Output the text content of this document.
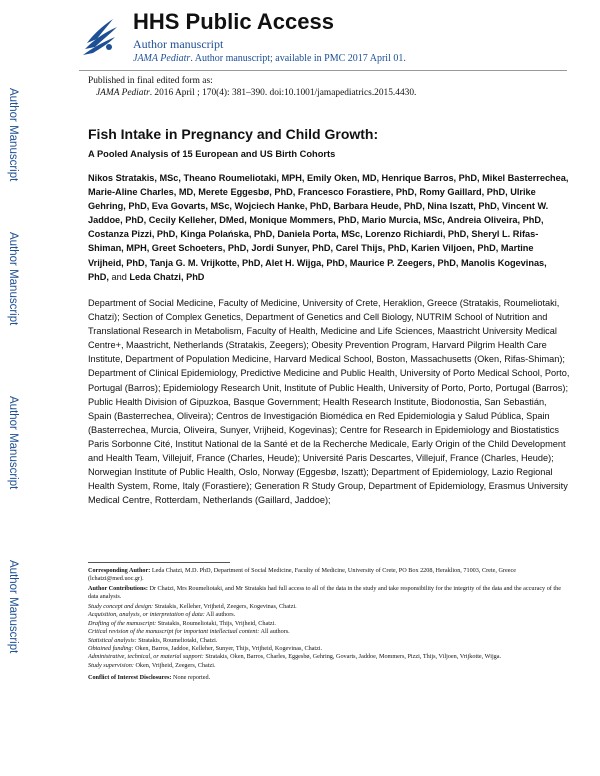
Author Manuscript
Author Manuscript
Author Manuscript
Author Manuscript
HHS Public Access
Author manuscript
JAMA Pediatr. Author manuscript; available in PMC 2017 April 01.
Published in final edited form as:
JAMA Pediatr. 2016 April ; 170(4): 381–390. doi:10.1001/jamapediatrics.2015.4430.
Fish Intake in Pregnancy and Child Growth:
A Pooled Analysis of 15 European and US Birth Cohorts
Nikos Stratakis, MSc, Theano Roumeliotaki, MPH, Emily Oken, MD, Henrique Barros, PhD, Mikel Basterrechea, Marie-Aline Charles, MD, Merete Eggesbø, PhD, Francesco Forastiere, PhD, Romy Gaillard, PhD, Ulrike Gehring, PhD, Eva Govarts, MSc, Wojciech Hanke, PhD, Barbara Heude, PhD, Nina Iszatt, PhD, Vincent W. Jaddoe, PhD, Cecily Kelleher, DMed, Monique Mommers, PhD, Mario Murcia, MSc, Andreia Oliveira, PhD, Costanza Pizzi, PhD, Kinga Polańska, PhD, Daniela Porta, MSc, Lorenzo Richiardi, PhD, Sheryl L. Rifas-Shiman, MPH, Greet Schoeters, PhD, Jordi Sunyer, PhD, Carel Thijs, PhD, Karien Viljoen, PhD, Martine Vrijheid, PhD, Tanja G. M. Vrijkotte, PhD, Alet H. Wijga, PhD, Maurice P. Zeegers, PhD, Manolis Kogevinas, PhD, and Leda Chatzi, PhD
Department of Social Medicine, Faculty of Medicine, University of Crete, Heraklion, Greece (Stratakis, Roumeliotaki, Chatzi); Section of Complex Genetics, Department of Genetics and Cell Biology, NUTRIM School of Nutrition and Translational Research in Metabolism, Faculty of Health, Medicine and Life Sciences, Maastricht University Medical Centre+, Maastricht, Netherlands (Stratakis, Zeegers); Obesity Prevention Program, Harvard Pilgrim Health Care Institute, Department of Population Medicine, Harvard Medical School, Boston, Massachusetts (Oken, Rifas-Shiman); Department of Clinical Epidemiology, Predictive Medicine and Public Health, University of Porto Medical School, Porto, Portugal (Barros); Epidemiology Research Unit, Institute of Public Health, University of Porto, Porto, Portugal (Barros); Public Health Division of Gipuzkoa, Basque Government; Health Research Institute, Biodonostia, San Sebastián, Spain (Basterrechea, Oliveira); Centros de Investigación Biomédica en Red Epidemiologia y Salud Pública, Spain (Basterrechea, Murcia, Oliveira, Sunyer, Vrijheid, Kogevinas); Centre for Research in Epidemiology and Biostatistics Paris Sorbonne Cité, Institut National de la Santé et de la Recherche Medicale, Early Origin of the Child Development and Health Team, Villejuif, France (Charles, Heude); Université Paris Descartes, Villejuif, France (Charles, Heude); Norwegian Institute of Public Health, Oslo, Norway (Eggesbø, Iszatt); Department of Epidemiology, Lazio Regional Health System, Rome, Italy (Forastiere); Generation R Study Group, Department of Epidemiology, Erasmus University Medical Centre, Rotterdam, Netherlands (Gaillard, Jaddoe);

Corresponding Author: Leda Chatzi, M.D. PhD, Department of Social Medicine, Faculty of Medicine, University of Crete, PO Box 2208, Heraklion, 71003, Crete, Greece (lchatzi@med.uoc.gr).

Author Contributions: Dr Chatzi, Mrs Roumeliotaki, and Mr Stratakis had full access to all of the data in the study and take responsibility for the integrity of the data and the accuracy of the data analysis.

Study concept and design: Stratakis, Kelleher, Vrijheid, Zeegers, Kogevinas, Chatzi.

Acquisition, analysis, or interpretation of data: All authors.

Drafting of the manuscript: Stratakis, Roumeliotaki, Thijs, Vrijheid, Chatzi.

Critical revision of the manuscript for important intellectual content: All authors.

Statistical analysis: Stratakis, Roumeliotaki, Chatzi.

Obtained funding: Oken, Barros, Jaddoe, Kelleher, Sunyer, Thijs, Vrijheid, Kogevinas, Chatzi.

Administrative, technical, or material support: Stratakis, Oken, Barros, Charles, Eggesbø, Gehring, Govarts, Jaddoe, Mommers, Pizzi, Thijs, Viljoen, Vrijkotte, Wijga.

Study supervision: Oken, Vrijheid, Zeegers, Chatzi.

Conflict of Interest Disclosures: None reported.
